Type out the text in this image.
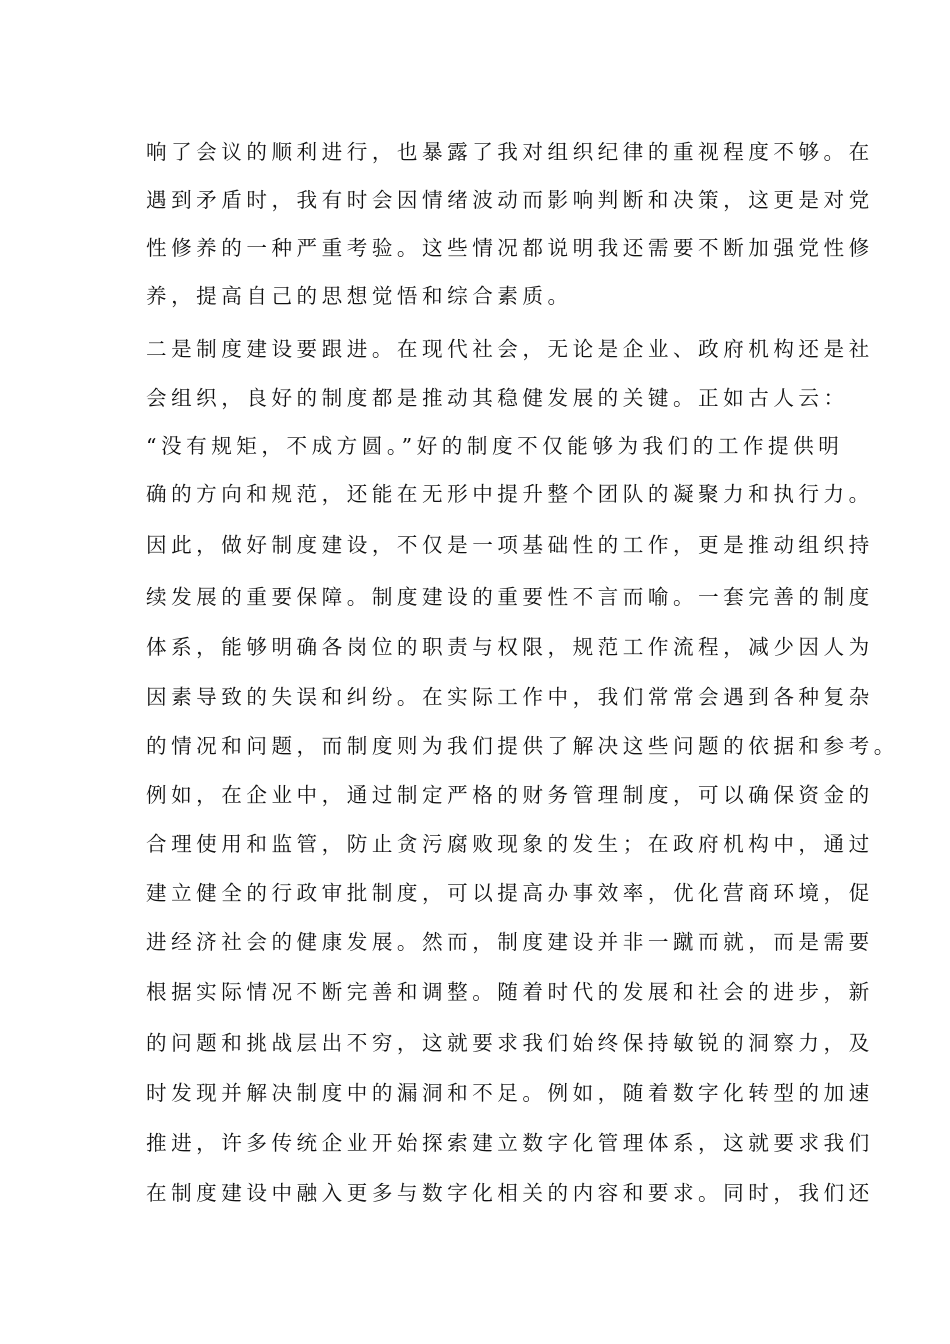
响了会议的顺利进行，也暴露了我对组织纪律的重视程度不够。在
遇到矛盾时，我有时会因情绪波动而影响判断和决策，这更是对党
性修养的一种严重考验。这些情况都说明我还需要不断加强党性修
养，提高自己的思想觉悟和综合素质。
二是制度建设要跟进。在现代社会，无论是企业、政府机构还是社
会组织，良好的制度都是推动其稳健发展的关键。正如古人云：
“没有规矩，不成方圆。”好的制度不仅能够为我们的工作提供明
确的方向和规范，还能在无形中提升整个团队的凝聚力和执行力。
因此，做好制度建设，不仅是一项基础性的工作，更是推动组织持
续发展的重要保障。制度建设的重要性不言而喻。一套完善的制度
体系，能够明确各岗位的职责与权限，规范工作流程，减少因人为
因素导致的失误和纠纷。在实际工作中，我们常常会遇到各种复杂
的情况和问题，而制度则为我们提供了解决这些问题的依据和参考。
例如，在企业中，通过制定严格的财务管理制度，可以确保资金的
合理使用和监管，防止贪污腐败现象的发生；在政府机构中，通过
建立健全的行政审批制度，可以提高办事效率，优化营商环境，促
进经济社会的健康发展。然而，制度建设并非一蹴而就，而是需要
根据实际情况不断完善和调整。随着时代的发展和社会的进步，新
的问题和挑战层出不穷，这就要求我们始终保持敏锐的洞察力，及
时发现并解决制度中的漏洞和不足。例如，随着数字化转型的加速
推进，许多传统企业开始探索建立数字化管理体系，这就要求我们
在制度建设中融入更多与数字化相关的内容和要求。同时，我们还
